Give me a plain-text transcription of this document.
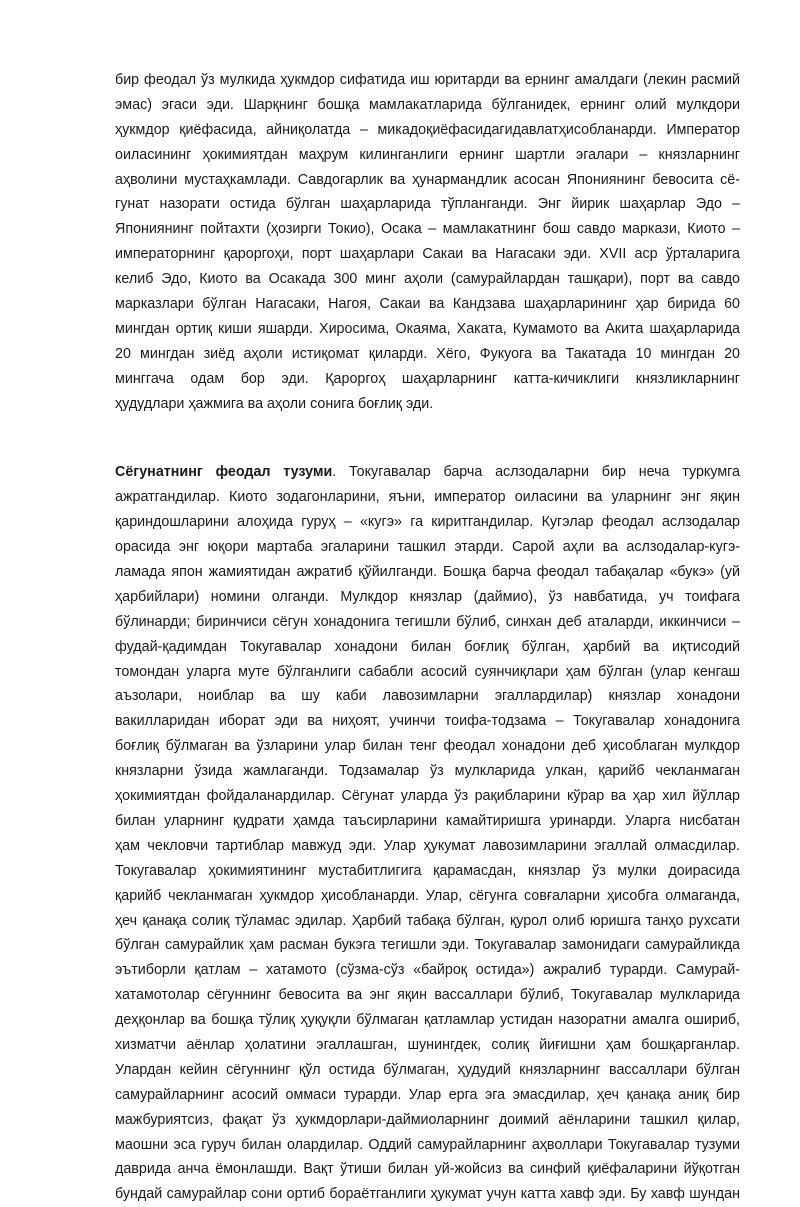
бир феодал ўз мулкида ҳукмдор сифатида иш юритарди ва ернинг амалдаги (лекин расмий
эмас) эгаси эди. Шарқнинг бошқа мамлакатларида бўлганидек, ернинг олий мулкдори
ҳукмдор қиёфасида, айниқолатда – микадоқиёфасидагидавлатҳисобланарди. Император
оиласининг ҳокимиятдан маҳрум килинганлиги ернинг шартли эгалари – князларнинг
аҳволини мустаҳкамлади. Савдогарлик ва ҳунармандлик асосан Япониянинг бевосита сё-
гунат назорати остида бўлган шаҳарларида тўпланганди. Энг йирик шаҳарлар Эдо –
Япониянинг пойтахти (ҳозирги Токио), Осака – мамлакатнинг бош савдо маркази, Киото –
императорнинг қароргоҳи, порт шаҳарлари Сакаи ва Нагасаки эди. XVII аср ўрталарига
келиб Эдо, Киото ва Осакада 300 минг аҳоли (самурайлардан ташқари), порт ва савдо
марказлари бўлган Нагасаки, Нагоя, Сакаи ва Кандзава шаҳарларининг ҳар бирида 60
мингдан ортиқ киши яшарди. Хиросима, Окаяма, Хаката, Кумамото ва Акита шаҳарларида
20 мингдан зиёд аҳоли истиқомат қиларди. Хёго, Фукуога ва Такатада 10 мингдан 20
минггача одам бор эди. Қароргоҳ шаҳарларнинг катта-кичиклиги князликларнинг
ҳудудлари ҳажмига ва аҳоли сонига боғлиқ эди.
Сёгунатнинг феодал тузуми. Токугавалар барча аслзодаларни бир неча туркумга
ажратгандилар. Киото зодагонларини, яъни, император оиласини ва уларнинг энг яқин
қариндошларини алоҳида гуруҳ – «кугэ» га киритгандилар. Кугэлар феодал аслзодалар
орасида энг юқори мартаба эгаларини ташкил этарди. Сарой аҳли ва аслзодалар-кугэ-
ламада япон жамиятидан ажратиб қўйилганди. Бошқа барча феодал табақалар «букэ» (уй
ҳарбийлари) номини олганди. Мулкдор князлар (даймио), ўз навбатида, уч тоифага
бўлинарди; биринчиси сёгун хонадонига тегишли бўлиб, синхан деб аталарди, иккинчиси –
фудай-қадимдан Токугавалар хонадони билан боғлиқ бўлган, ҳарбий ва иқтисодий
томондан уларга муте бўлганлиги сабабли асосий суянчиқлари ҳам бўлган (улар кенгаш
аъзолари, ноиблар ва шу каби лавозимларни эгаллардилар) князлар хонадони
вакилларидан иборат эди ва ниҳоят, учинчи тоифа-тодзама – Токугавалар хонадонига
боғлиқ бўлмаган ва ўзларини улар билан тенг феодал хонадони деб ҳисоблаган мулкдор
князларни ўзида жамлаганди. Тодзамалар ўз мулкларида улкан, қарийб чекланмаган
ҳокимиятдан фойдаланардилар. Сёгунат уларда ўз рақибларини кўрар ва ҳар хил йўллар
билан уларнинг қудрати ҳамда таъсирларини камайтиришга уринарди. Уларга нисбатан
ҳам чекловчи тартиблар мавжуд эди. Улар ҳукумат лавозимларини эгаллай олмасдилар.
Токугавалар ҳокимиятининг мустабитлигига қарамасдан, князлар ўз мулки доирасида
қарийб чекланмаган ҳукмдор ҳисобланарди. Улар, сёгунга совғаларни ҳисобга олмаганда,
ҳеч қанақа солиқ тўламас эдилар. Ҳарбий табақа бўлган, қурол олиб юришга танҳо рухсати
бўлган самурайлик ҳам расман букэга тегишли эди. Токугавалар замонидаги самурайликда
эътиборли қатлам – хатамото (сўзма-сўз «байроқ остида») ажралиб турарди. Самурай-
хатамотолар сёгуннинг бевосита ва энг яқин вассаллари бўлиб, Токугавалар мулкларида
деҳқонлар ва бошқа тўлиқ ҳуқуқли бўлмаган қатламлар устидан назоратни амалга ошириб,
хизматчи аёнлар ҳолатини эгаллашган, шунингдек, солиқ йиғишни ҳам бошқарганлар.
Улардан кейин сёгуннинг қўл остида бўлмаган, ҳудудий князларнинг вассаллари бўлган
самурайларнинг асосий оммаси турарди. Улар ерга эга эмасдилар, ҳеч қанақа аниқ бир
мажбуриятсиз, фақат ўз ҳукмдорлари-даймиоларнинг доимий аёнларини ташкил қилар,
маошни эса гуруч билан олардилар. Оддий самурайларнинг аҳволлари Токугавалар тузуми
даврида анча ёмонлашди. Вақт ўтиши билан уй-жойсиз ва синфий қиёфаларини йўқотган
бундай самурайлар сони ортиб бораётганлиги ҳукумат учун катта хавф эди. Бу хавф шундан
